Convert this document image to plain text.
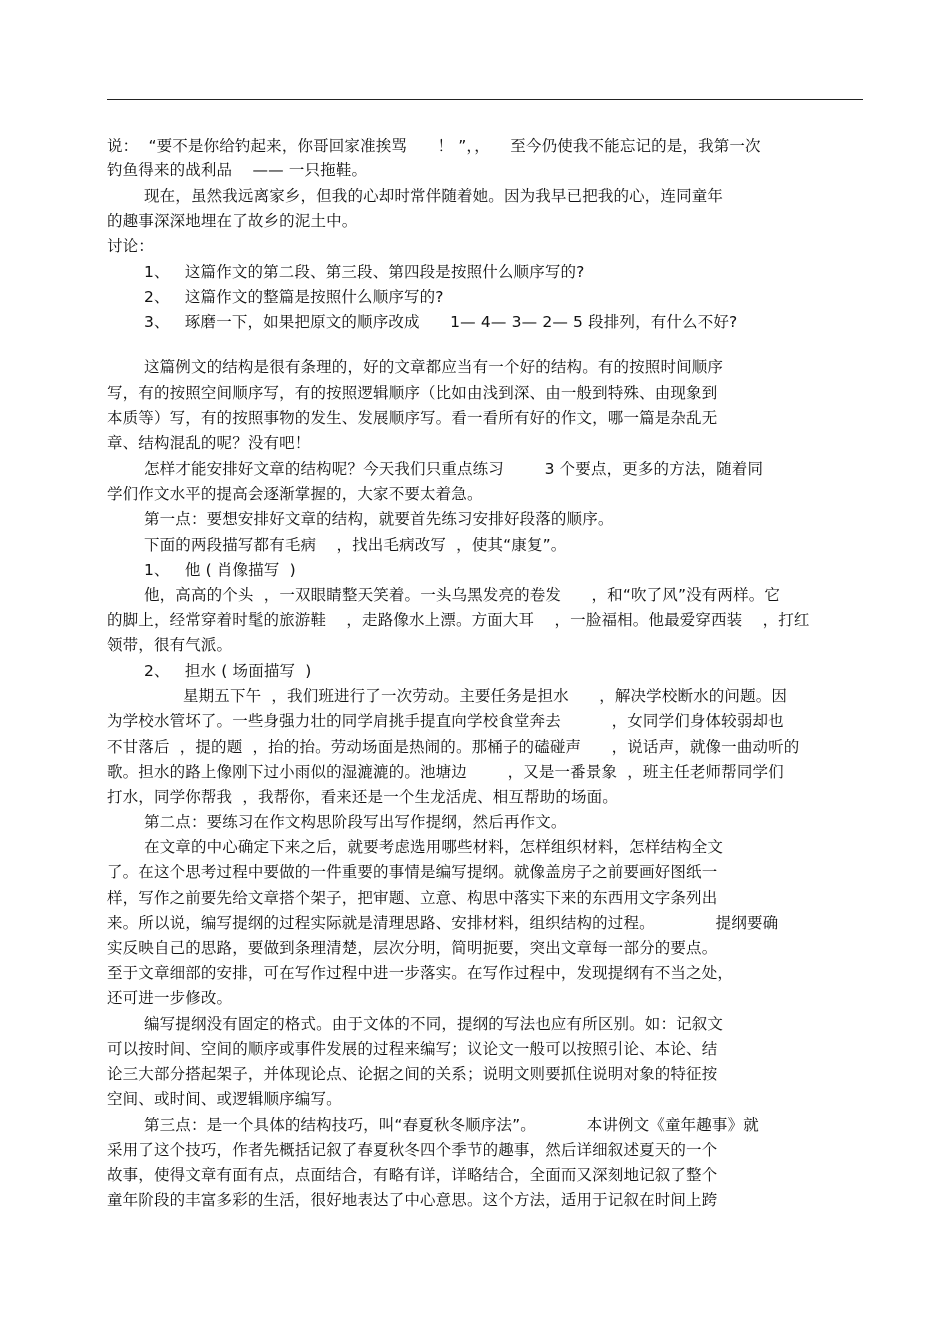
说：  “要不是你给钓起来，你哥回家准挨骂      ！ ”，，    至今仍使我不能忘记的是，我第一次
钓鱼得来的战利品    —— 一只拖鞋。
现在，虽然我远离家乡，但我的心却时常伴随着她。因为我早已把我的心，连同童年
的趣事深深地埋在了故乡的泥土中。
讨论：
1、   这篇作文的第二段、第三段、第四段是按照什么顺序写的?
2、   这篇作文的整篇是按照什么顺序写的?
3、   琢磨一下，如果把原文的顺序改成      1— 4— 3— 2— 5 段排列，有什么不好?
这篇例文的结构是很有条理的，好的文章都应当有一个好的结构。有的按照时间顺序
写，有的按照空间顺序写，有的按照逻辑顺序（比如由浅到深、由一般到特殊、由现象到
本质等）写，有的按照事物的发生、发展顺序写。看一看所有好的作文，哪一篇是杂乱无
章、结构混乱的呢？没有吧！
怎样才能安排好文章的结构呢？今天我们只重点练习        3 个要点，更多的方法，随着同
学们作文水平的提高会逐渐掌握的，大家不要太着急。
第一点：要想安排好文章的结构，就要首先练习安排好段落的顺序。
下面的两段描写都有毛病    ，找出毛病改写  ，使其“康复”。
1、   他 ( 肖像描写  )
他，高高的个头  ，一双眼睛整天笑着。一头乌黑发亮的卷发      ，和“吹了风”没有两样。它
的脚上，经常穿着时髦的旅游鞋    ，走路像水上漂。方面大耳    ，一脸福相。他最爱穿西装    ，打红
领带，很有气派。
2、   担水 ( 场面描写  )
星期五下午  ，我们班进行了一次劳动。主要任务是担水      ，解决学校断水的问题。因
为学校水管坏了。一些身强力壮的同学肩挑手提直向学校食堂奔去          ，女同学们身体较弱却也
不甘落后  ，提的题  ，抬的抬。劳动场面是热闹的。那桶子的磕碰声      ，说话声，就像一曲动听的
歌。担水的路上像刚下过小雨似的湿漉漉的。池塘边        ，又是一番景象  ，班主任老师帮同学们
打水，同学你帮我  ，我帮你，看来还是一个生龙活虎、相互帮助的场面。
第二点：要练习在作文构思阶段写出写作提纲，然后再作文。
在文章的中心确定下来之后，就要考虑选用哪些材料，怎样组织材料，怎样结构全文
了。在这个思考过程中要做的一件重要的事情是编写提纲。就像盖房子之前要画好图纸一
样，写作之前要先给文章搭个架子，把审题、立意、构思中落实下来的东西用文字条列出
来。所以说，编写提纲的过程实际就是清理思路、安排材料，组织结构的过程。            提纲要确
实反映自己的思路，要做到条理清楚，层次分明，简明扼要，突出文章每一部分的要点。
至于文章细部的安排，可在写作过程中进一步落实。在写作过程中，发现提纲有不当之处，
还可进一步修改。
编写提纲没有固定的格式。由于文体的不同，提纲的写法也应有所区别。如：记叙文
可以按时间、空间的顺序或事件发展的过程来编写；议论文一般可以按照引论、本论、结
论三大部分搭起架子，并体现论点、论据之间的关系；说明文则要抓住说明对象的特征按
空间、或时间、或逻辑顺序编写。
第三点：是一个具体的结构技巧，叫“春夏秋冬顺序法”。          本讲例文《童年趣事》就
采用了这个技巧，作者先概括记叙了春夏秋冬四个季节的趣事，然后详细叙述夏天的一个
故事，使得文章有面有点，点面结合，有略有详，详略结合，全面而又深刻地记叙了整个
童年阶段的丰富多彩的生活，很好地表达了中心意思。这个方法，适用于记叙在时间上跨
